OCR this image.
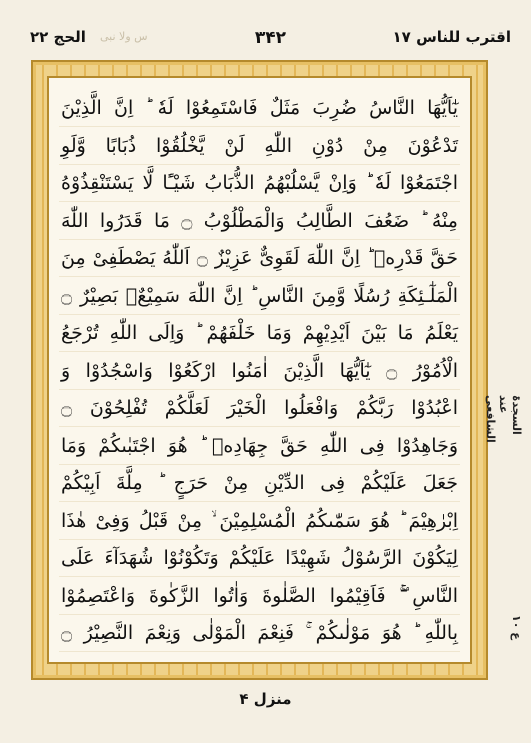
اقترب للناس ۱۷
۳۴۲
س ولا نبی
الحج ۲۲
يٰٓاَيُّهَا النَّاسُ ضُرِبَ مَثَلٌ فَاسْتَمِعُوْا لَهٗ ؕ اِنَّ الَّذِيْنَ
تَدْعُوْنَ مِنْ دُوْنِ اللّٰهِ لَنْ يَّخْلُقُوْا ذُبَابًا وَّلَوِ
اجْتَمَعُوْا لَهٗ ؕ وَاِنْ يَّسْلُبْهُمُ الذُّبَابُ شَيْـًٔا لَّا يَسْتَنْقِذُوْهُ
مِنْهُ ؕ ضَعُفَ الطَّالِبُ وَالْمَطْلُوْبُ ۝ مَا قَدَرُوا اللّٰهَ
حَقَّ قَدْرِهٖ ؕ اِنَّ اللّٰهَ لَقَوِىٌّ عَزِيْزٌ ۝ اَللّٰهُ يَصْطَفِىْ مِنَ
الْمَلٰٓـئِكَةِ رُسُلًا وَّمِنَ النَّاسِ ؕ اِنَّ اللّٰهَ سَمِيْعٌۢ بَصِيْرٌ ۝
يَعْلَمُ مَا بَيْنَ اَيْدِيْهِمْ وَمَا خَلْفَهُمْ ؕ وَاِلَى اللّٰهِ تُرْجَعُ
الْاُمُوْرُ ۝ يٰٓاَيُّهَا الَّذِيْنَ اٰمَنُوا ارْكَعُوْا وَاسْجُدُوْا وَ
اعْبُدُوْا رَبَّكُمْ وَافْعَلُوا الْخَيْرَ لَعَلَّكُمْ تُفْلِحُوْنَ ۝
وَجَاهِدُوْا فِى اللّٰهِ حَقَّ جِهَادِهٖ ؕ هُوَ اجْتَبٰٮكُمْ وَمَا
جَعَلَ عَلَيْكُمْ فِى الدِّيْنِ مِنْ حَرَجٍ ؕ مِلَّةَ اَبِيْكُمْ
اِبْرٰهِيْمَ ؕ هُوَ سَمّٰٮكُمُ الْمُسْلِمِيْنَ ۙ مِنْ قَبْلُ وَفِىْ هٰذَا
لِيَكُوْنَ الرَّسُوْلُ شَهِيْدًا عَلَيْكُمْ وَتَكُوْنُوْا شُهَدَآءَ عَلَى
النَّاسِ ۖۚ فَاَقِيْمُوا الصَّلٰوةَ وَاٰتُوا الزَّكٰوةَ وَاعْتَصِمُوْا
بِاللّٰهِ ؕ هُوَ مَوْلٰٮكُمْ ۚ فَنِعْمَ الْمَوْلٰى وَنِعْمَ النَّصِيْرُ ۝
السجدۃ عند الشافعی
ع ۱۰
منزل ۴
